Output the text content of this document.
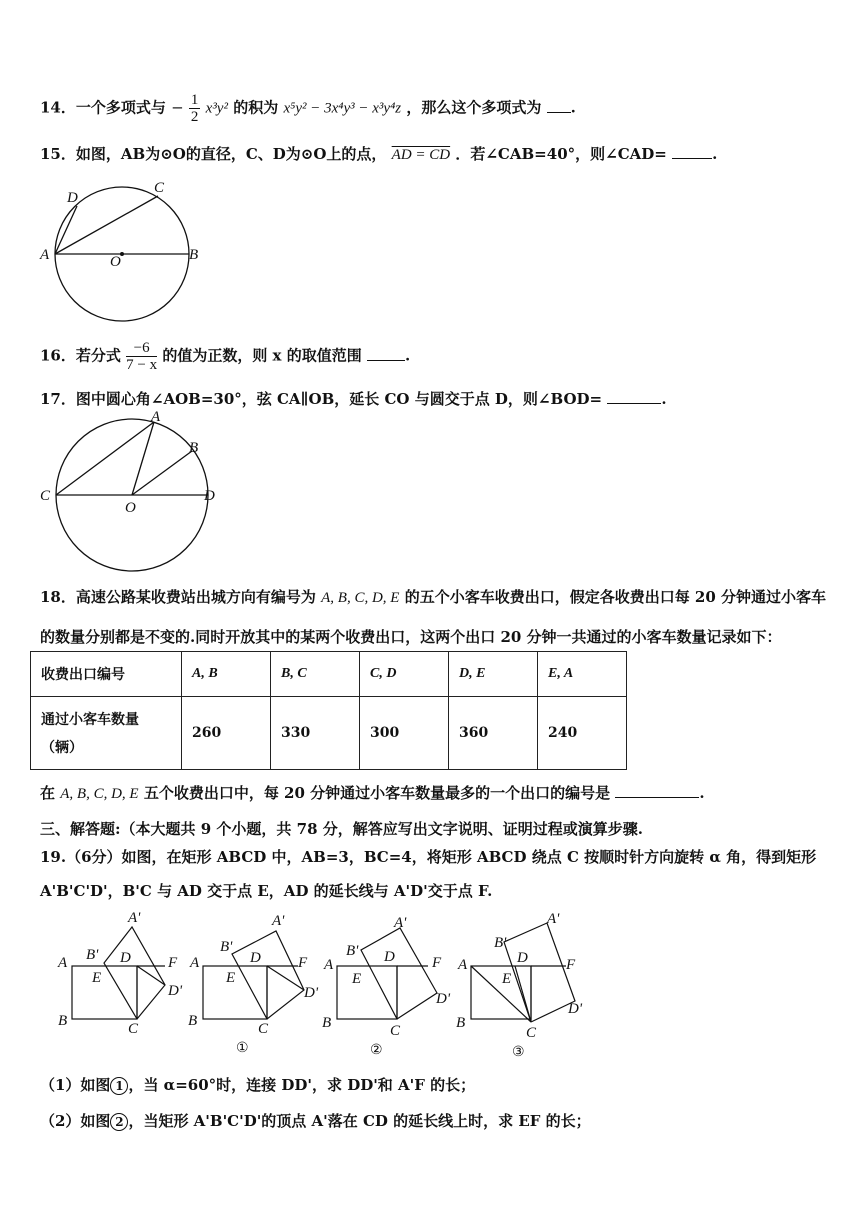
14．一个多项式与 − $\frac{1}{2} x^3y^2$ 的积为 x⁵y² − 3x⁴y³ − x³y⁴z ，那么这个多项式为 .
15．如图，AB为⊙O的直径，C、D为⊙O上的点， AD = CD ．若∠CAB=40°，则∠CAD=	.
D
C
A	O	B
16．若分式 $\frac{-6}{7 - x}$ 的值为正数，则 x 的取值范围	.
17．图中圆心角∠AOB=30°，弦 CA∥OB，延长 CO 与圆交于点 D，则∠BOD=	.
A
B
C
O
D
18．高速公路某收费站出城方向有编号为 A, B, C, D, E 的五个小客车收费出口，假定各收费出口每 20 分钟通过小客车
的数量分别都是不变的.同时开放其中的某两个收费出口，这两个出口 20 分钟一共通过的小客车数量记录如下：
收费出口编号	A, B	B, C	C, D	D, E	E, A

通过小客车数量
（辆）	260	330	300	360	240
在 A, B, C, D, E 五个收费出口中，每 20 分钟通过小客车数量最多的一个出口的编号是	.
三、解答题:（本大题共 9 个小题，共 78 分，解答应写出文字说明、证明过程或演算步骤.
19.（6分）如图，在矩形 ABCD 中，AB=3，BC=4，将矩形 ABCD 绕点 C 按顺时针方向旋转 α 角，得到矩形
A'B'C'D'，B'C 与 AD 交于点 E，AD 的延长线与 A'D'交于点 F.
A
B	C
D
E
F
A'
B'
D'
A
B	C
D
E
F
A'
B'
D'
①
A
B	C
D
E
F
A'
B'
D'
②
A
B
C
D
E
F
A'
B'
D'
③
（1）如图 1 ，当 α=60°时，连接 DD'，求 DD'和 A'F 的长；
（2）如图 2 ，当矩形 A'B'C'D'的顶点 A'落在 CD 的延长线上时，求 EF 的长；
